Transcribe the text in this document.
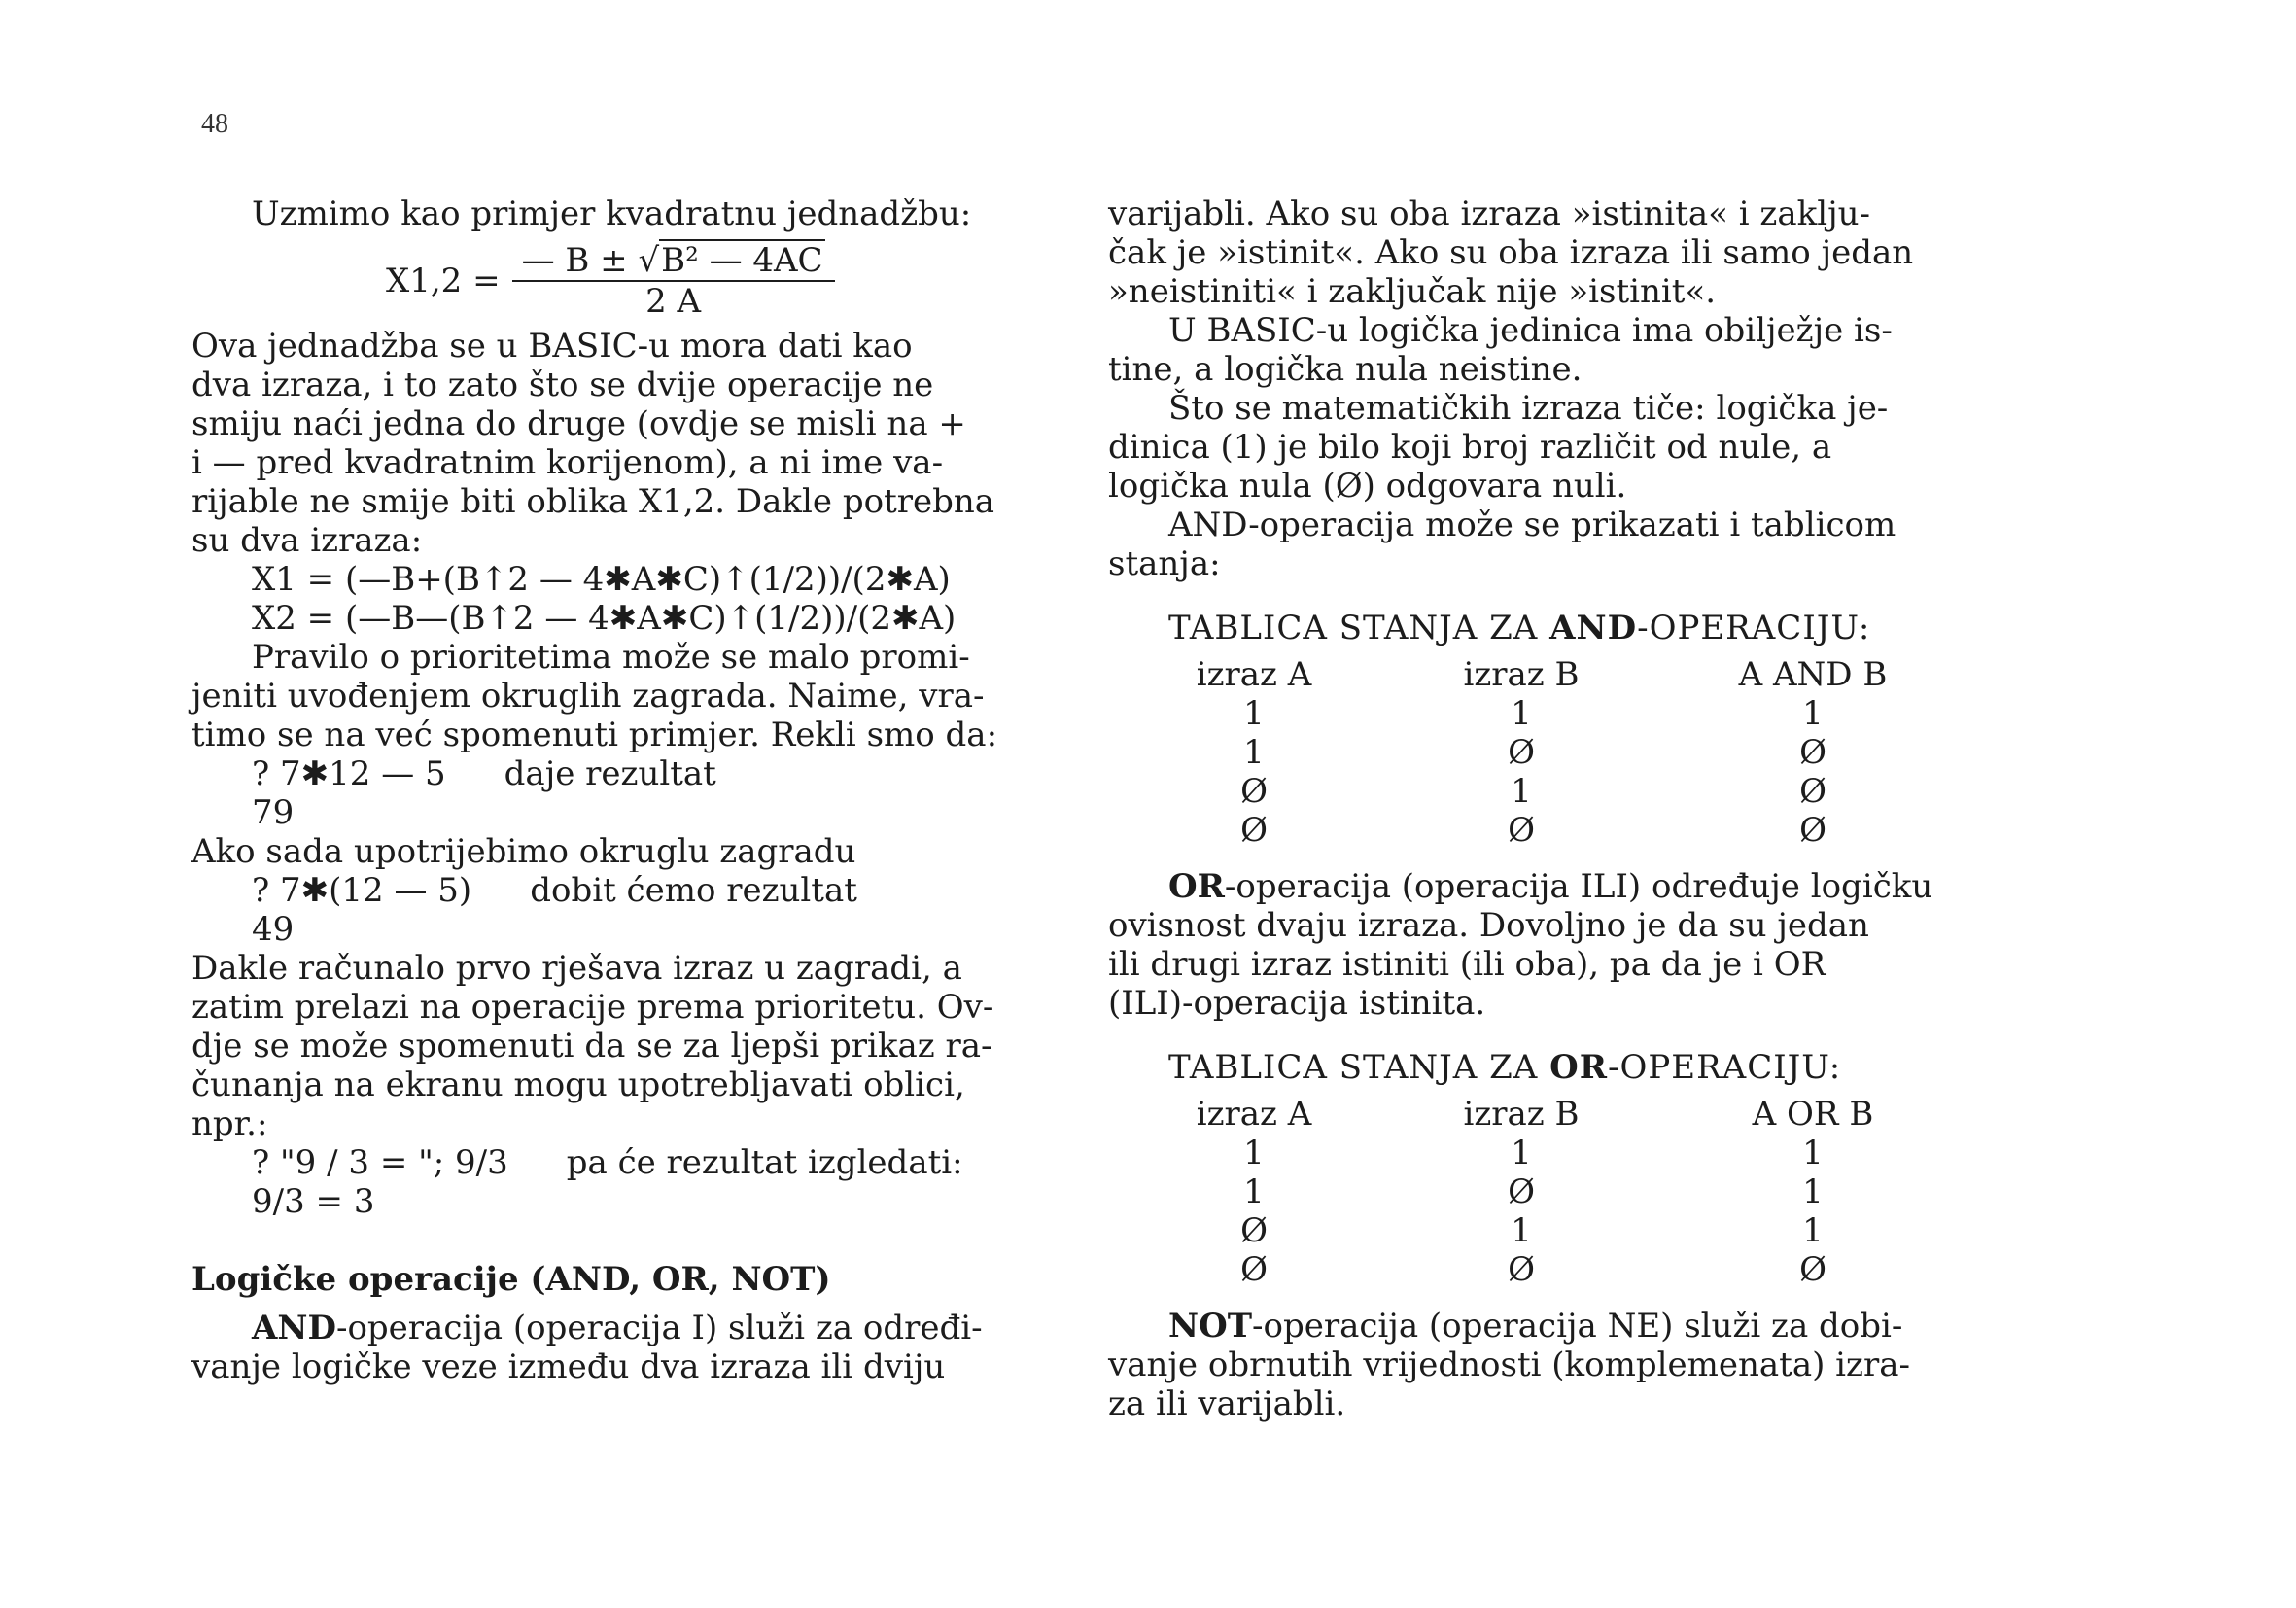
48
Uzmimo kao primjer kvadratnu jednadžbu:
$X1,2 = \frac{\text{— B ± √B² — 4AC}}{2 A}$
Ova jednadžba se u BASIC-u mora dati kao
dva izraza, i to zato što se dvije operacije ne
smiju naći jedna do druge (ovdje se misli na +
i — pred kvadratnim korijenom), a ni ime va-
rijable ne smije biti oblika X1,2. Dakle potrebna
su dva izraza:
X1 = (—B+(B↑2 — 4✱A✱C)↑(1/2))/(2✱A)
X2 = (—B—(B↑2 — 4✱A✱C)↑(1/2))/(2✱A)
Pravilo o prioritetima može se malo promi-
jeniti uvođenjem okruglih zagrada. Naime, vra-
timo se na već spomenuti primjer. Rekli smo da:
? 7✱12 — 5 daje rezultat
79
Ako sada upotrijebimo okruglu zagradu
? 7✱(12 — 5) dobit ćemo rezultat
49
Dakle računalo prvo rješava izraz u zagradi, a
zatim prelazi na operacije prema prioritetu. Ov-
dje se može spomenuti da se za ljepši prikaz ra-
čunanja na ekranu mogu upotrebljavati oblici,
npr.:
? "9 / 3 = "; 9/3 pa će rezultat izgledati:
9/3 = 3
Logičke operacije (AND, OR, NOT)
AND-operacija (operacija I) služi za određi-
vanje logičke veze između dva izraza ili dviju
varijabli. Ako su oba izraza »istinita« i zaklju-
čak je »istinit«. Ako su oba izraza ili samo jedan
»neistiniti« i zaključak nije »istinit«.
U BASIC-u logička jedinica ima obilježje is-
tine, a logička nula neistine.
Što se matematičkih izraza tiče: logička je-
dinica (1) je bilo koji broj različit od nule, a
logička nula (Ø) odgovara nuli.
AND-operacija može se prikazati i tablicom
stanja:
TABLICA STANJA ZA AND-OPERACIJU:
izraz A	izraz B	A AND B
1	1	1
1	Ø	Ø
Ø	1	Ø
Ø	Ø	Ø
OR-operacija (operacija ILI) određuje logičku
ovisnost dvaju izraza. Dovoljno je da su jedan
ili drugi izraz istiniti (ili oba), pa da je i OR
(ILI)-operacija istinita.
TABLICA STANJA ZA OR-OPERACIJU:
izraz A	izraz B	A OR B
1	1	1
1	Ø	1
Ø	1	1
Ø	Ø	Ø
NOT-operacija (operacija NE) služi za dobi-
vanje obrnutih vrijednosti (komplemenata) izra-
za ili varijabli.
